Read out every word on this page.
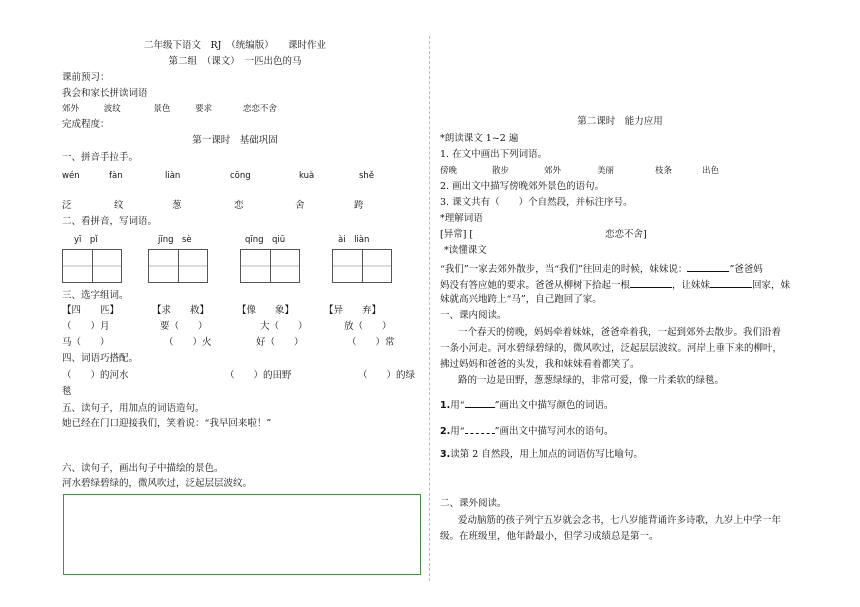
二年级下语文　RJ　（统编版）　　课时作业
第二组　（课文）　一匹出色的马
课前预习：
我会和家长拼读词语
郊外	波纹	景色	要求	恋恋不舍
完成程度：
第一课时　基础巩固
一、拼音手拉手。
wén	fàn	liàn	cōng	kuà	shě
泛	纹	葱	恋	舍	跨
二、看拼音，写词语。
yī　pǐ	jīng　sè	qīng　qiū	ài　liàn
三、选字组词。
【四　　匹】	【求　　救】	【像　　象】	【异　　弃】
（　　）月	要（　　）	大（　　）	放（　　）
马（　　）	（　　）火	好（　　）	（　　）常
四、词语巧搭配。
（　　）的河水	（　　）的田野	（　　）的绿
毯
五、读句子，用加点的词语造句。
她已经在门口迎接我们，笑着说：“我早回来啦！”
六、读句子，画出句子中描绘的景色。
河水碧绿碧绿的，微风吹过，泛起层层波纹。
第二课时　能力应用
*朗读课文 1~2 遍
1. 在文中画出下列词语。
傍晚	散步	郊外	美丽	枝条	出色
2. 画出文中描写傍晚郊外景色的语句。
3. 课文共有（　　）个自然段，并标注序号。
*理解词语
[异常] [	恋恋不舍]
*读懂课文
“我们”一家去郊外散步，当“我们”往回走的时候，妹妹说：	”爸爸妈
妈没有答应她的要求。爸爸从柳树下拾起一根	，让妹妹	回家，妹
妹就高兴地跨上“马”，自己跑回了家。
一、课内阅读。
一个春天的傍晚，妈妈牵着妹妹，爸爸牵着我，一起到郊外去散步。我们沿着
一条小河走。河水碧绿碧绿的，微风吹过，泛起层层波纹。河岸上垂下来的柳叶，
拂过妈妈和爸爸的头发，我和妹妹看着都笑了。
路的一边是田野，葱葱绿绿的，非常可爱，像一片柔软的绿毯。
1.用“	”画出文中描写颜色的词语。
2.用“	”画出文中描写河水的语句。
3.读第 2 自然段，用上加点的词语仿写比喻句。
二、课外阅读。
爱动脑筋的孩子列宁五岁就会念书，七八岁能背诵许多诗歌，九岁上中学一年
级。在班级里，他年龄最小，但学习成绩总是第一。
